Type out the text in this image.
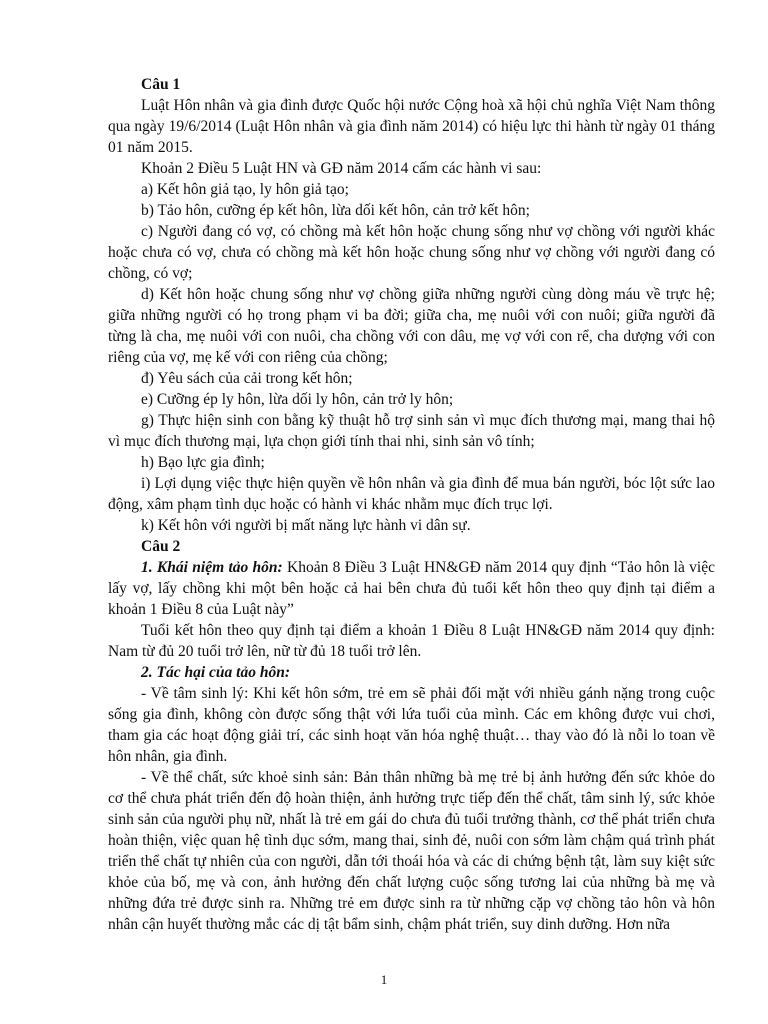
Câu 1

Luật Hôn nhân và gia đình được Quốc hội nước Cộng hoà xã hội chủ nghĩa Việt Nam thông qua ngày 19/6/2014 (Luật Hôn nhân và gia đình năm 2014) có hiệu lực thi hành từ ngày 01 tháng 01 năm 2015.

Khoản 2 Điều 5 Luật HN và GĐ năm 2014 cấm các hành vi sau:

a) Kết hôn giả tạo, ly hôn giả tạo;

b) Tảo hôn, cưỡng ép kết hôn, lừa dối kết hôn, cản trở kết hôn;

c) Người đang có vợ, có chồng mà kết hôn hoặc chung sống như vợ chồng với người khác hoặc chưa có vợ, chưa có chồng mà kết hôn hoặc chung sống như vợ chồng với người đang có chồng, có vợ;

d) Kết hôn hoặc chung sống như vợ chồng giữa những người cùng dòng máu về trực hệ; giữa những người có họ trong phạm vi ba đời; giữa cha, mẹ nuôi với con nuôi; giữa người đã từng là cha, mẹ nuôi với con nuôi, cha chồng với con dâu, mẹ vợ với con rể, cha dượng với con riêng của vợ, mẹ kế với con riêng của chồng;

đ) Yêu sách của cải trong kết hôn;

e) Cưỡng ép ly hôn, lừa dối ly hôn, cản trở ly hôn;

g) Thực hiện sinh con bằng kỹ thuật hỗ trợ sinh sản vì mục đích thương mại, mang thai hộ vì mục đích thương mại, lựa chọn giới tính thai nhi, sinh sản vô tính;

h) Bạo lực gia đình;

i) Lợi dụng việc thực hiện quyền về hôn nhân và gia đình để mua bán người, bóc lột sức lao động, xâm phạm tình dục hoặc có hành vi khác nhằm mục đích trục lợi.

k) Kết hôn với người bị mất năng lực hành vi dân sự.

Câu 2

1. Khái niệm tảo hôn: Khoản 8 Điều 3 Luật HN&GĐ năm 2014 quy định “Tảo hôn là việc lấy vợ, lấy chồng khi một bên hoặc cả hai bên chưa đủ tuổi kết hôn theo quy định tại điểm a khoản 1 Điều 8 của Luật này”

Tuổi kết hôn theo quy định tại điểm a khoản 1 Điều 8 Luật HN&GĐ năm 2014 quy định: Nam từ đủ 20 tuổi trở lên, nữ từ đủ 18 tuổi trở lên.

2. Tác hại của tảo hôn:

- Về tâm sinh lý: Khi kết hôn sớm, trẻ em sẽ phải đối mặt với nhiều gánh nặng trong cuộc sống gia đình, không còn được sống thật với lứa tuổi của mình. Các em không được vui chơi, tham gia các hoạt động giải trí, các sinh hoạt văn hóa nghệ thuật… thay vào đó là nỗi lo toan về hôn nhân, gia đình.

- Về thể chất, sức khoẻ sinh sản: Bản thân những bà mẹ trẻ bị ảnh hưởng đến sức khỏe do cơ thể chưa phát triển đến độ hoàn thiện, ảnh hưởng trực tiếp đến thể chất, tâm sinh lý, sức khỏe sinh sản của người phụ nữ, nhất là trẻ em gái do chưa đủ tuổi trưởng thành, cơ thể phát triển chưa hoàn thiện, việc quan hệ tình dục sớm, mang thai, sinh đẻ, nuôi con sớm làm chậm quá trình phát triển thể chất tự nhiên của con người, dẫn tới thoái hóa và các di chứng bệnh tật, làm suy kiệt sức khỏe của bố, mẹ và con, ảnh hưởng đến chất lượng cuộc sống tương lai của những bà mẹ và những đứa trẻ được sinh ra. Những trẻ em được sinh ra từ những cặp vợ chồng tảo hôn và hôn nhân cận huyết thường mắc các dị tật bẩm sinh, chậm phát triển, suy dinh dưỡng. Hơn nữa

1
